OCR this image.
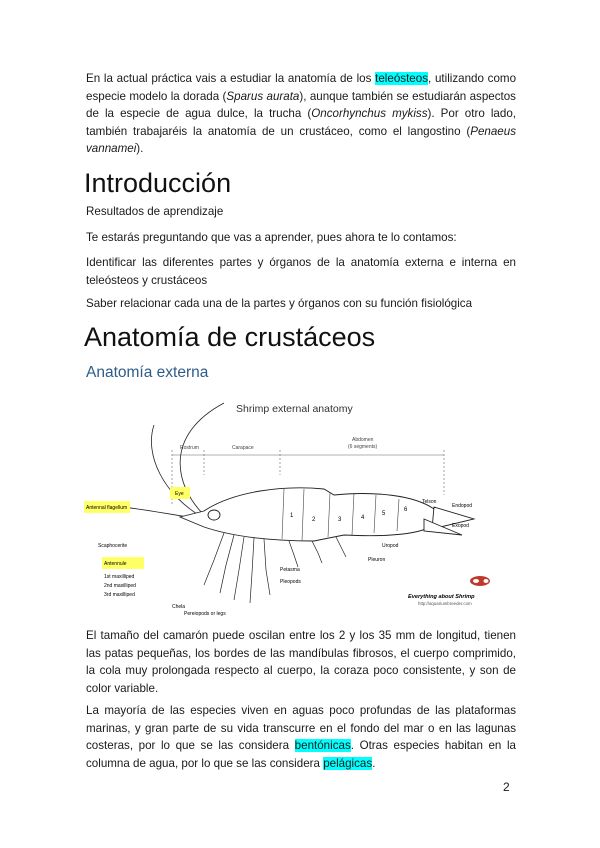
En la actual práctica vais a estudiar la anatomía de los teleósteos, utilizando como especie modelo la dorada (Sparus aurata), aunque también se estudiarán aspectos de la especie de agua dulce, la trucha (Oncorhynchus mykiss). Por otro lado, también trabajaréis la anatomía de un crustáceo, como el langostino (Penaeus vannamei).

Introducción

Resultados de aprendizaje

Te estarás preguntando que vas a aprender, pues ahora te lo contamos:

Identificar las diferentes partes y órganos de la anatomía externa e interna en teleósteos y crustáceos

Saber relacionar cada una de la partes y órganos con su función fisiológica

Anatomía de crustáceos
Anatomía externa
Shrimp external anatomy
Rostrum	Carapace
Abdomen
(6 segments)
1
2	3	4
5
6
Antennal flagellum
Eye
Antennule
Scaphocerite
1st maxilliped
2nd maxilliped
3rd maxilliped
Chela
Pereiopods or legs
Petasma
Pleopods
Pleuron
Uropod
Telson
Endopod
Exopod
Everything about Shrimp
http://aquariumbreeder.com

El tamaño del camarón puede oscilan entre los 2 y los 35 mm de longitud, tienen las patas pequeñas, los bordes de las mandíbulas fibrosos, el cuerpo comprimido, la cola muy prolongada respecto al cuerpo, la coraza poco consistente, y son de color variable.

La mayoría de las especies viven en aguas poco profundas de las plataformas marinas, y gran parte de su vida transcurre en el fondo del mar o en las lagunas costeras, por lo que se las considera bentónicas. Otras especies habitan en la columna de agua, por lo que se las considera pelágicas.

2
